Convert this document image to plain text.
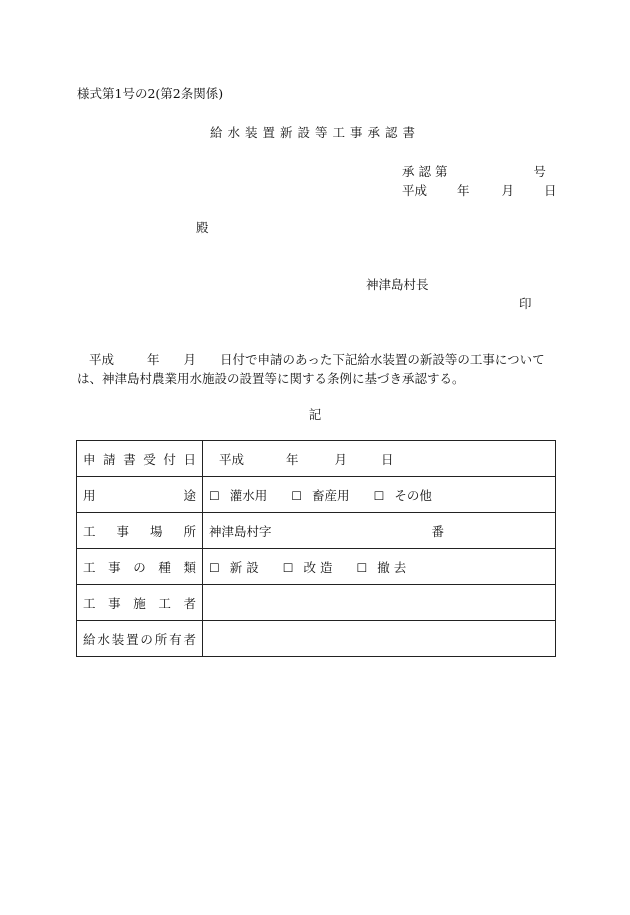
様式第1号の2(第2条関係)
給水装置新設等工事承認書
承 認 第	号
平成 年	月 日
殿
神津島村長
印
平成	年 月 日付で申請のあった下記給水装置の新設等の工事については、神津島村農業用水施設の設置等に関する条例に基づき承認する。
記
申請書受付日	平成 年 月 日
用途	☐ 灌水用 ☐ 畜産用 ☐ その他
工事場所	神津島村字 番
工事の種類	☐ 新 設 ☐ 改 造 ☐ 撤 去
工事施工者	
給水装置の所有者	
